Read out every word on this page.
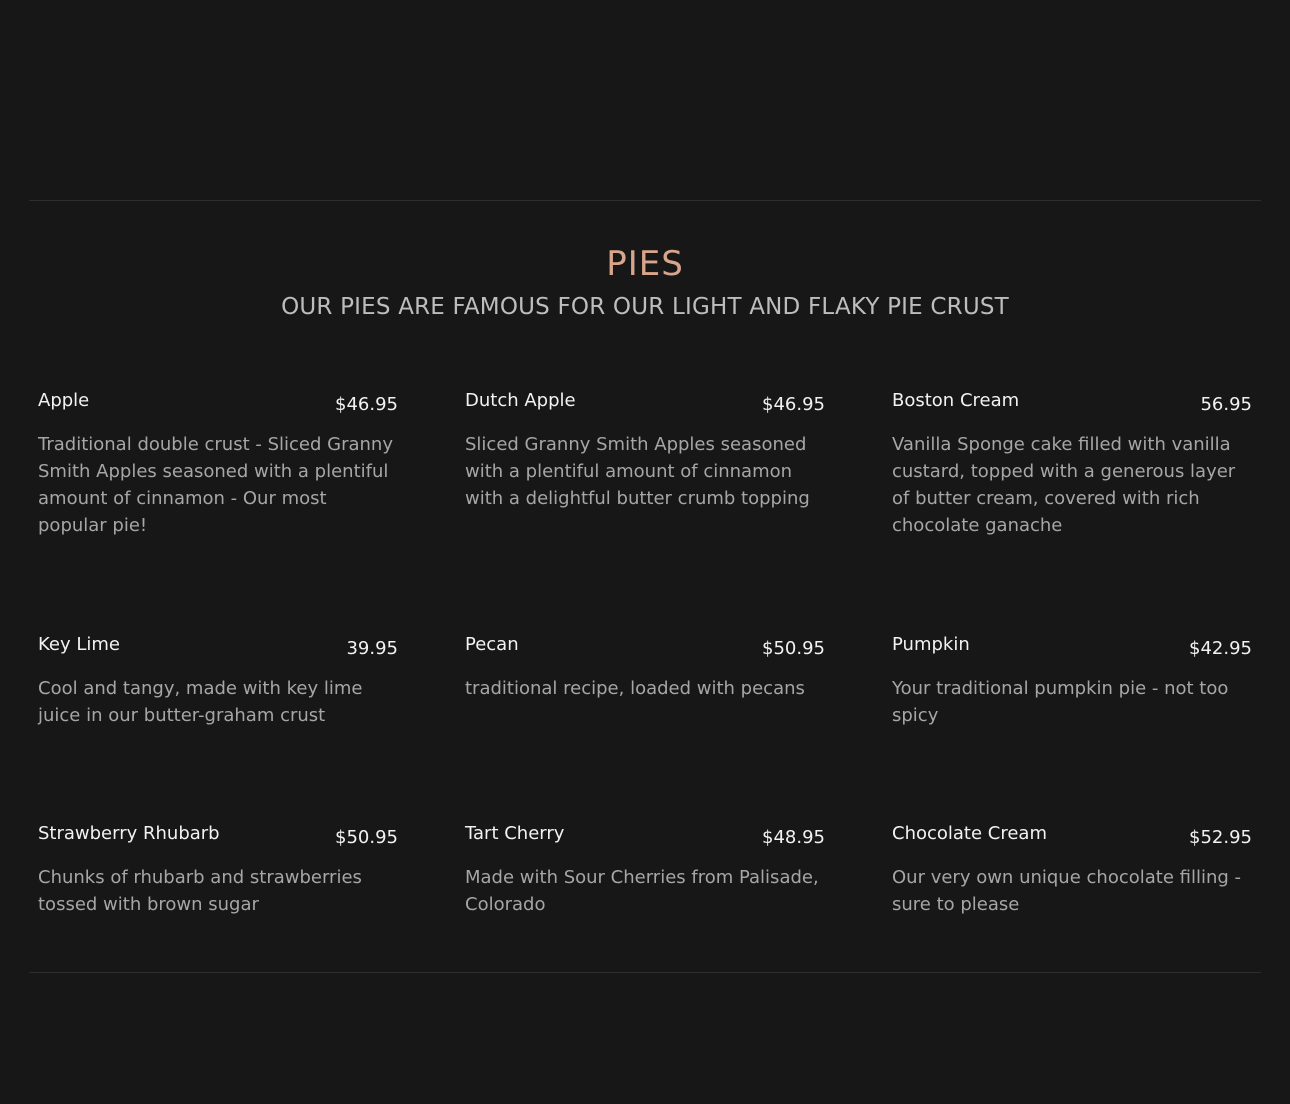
PIES

OUR PIES ARE FAMOUS FOR OUR LIGHT AND FLAKY PIE CRUST

Apple	$46.95
Traditional double crust - Sliced Granny Smith Apples seasoned with a plentiful amount of cinnamon - Our most popular pie!
Dutch Apple	$46.95
Sliced Granny Smith Apples seasoned with a plentiful amount of cinnamon with a delightful butter crumb topping
Boston Cream	56.95
Vanilla Sponge cake filled with vanilla custard, topped with a generous layer of butter cream, covered with rich chocolate ganache
Key Lime	39.95
Cool and tangy, made with key lime juice in our butter-graham crust
Pecan	$50.95
traditional recipe, loaded with pecans
Pumpkin	$42.95
Your traditional pumpkin pie - not too spicy
Strawberry Rhubarb	$50.95
Chunks of rhubarb and strawberries tossed with brown sugar
Tart Cherry	$48.95
Made with Sour Cherries from Palisade, Colorado
Chocolate Cream	$52.95
Our very own unique chocolate filling - sure to please
